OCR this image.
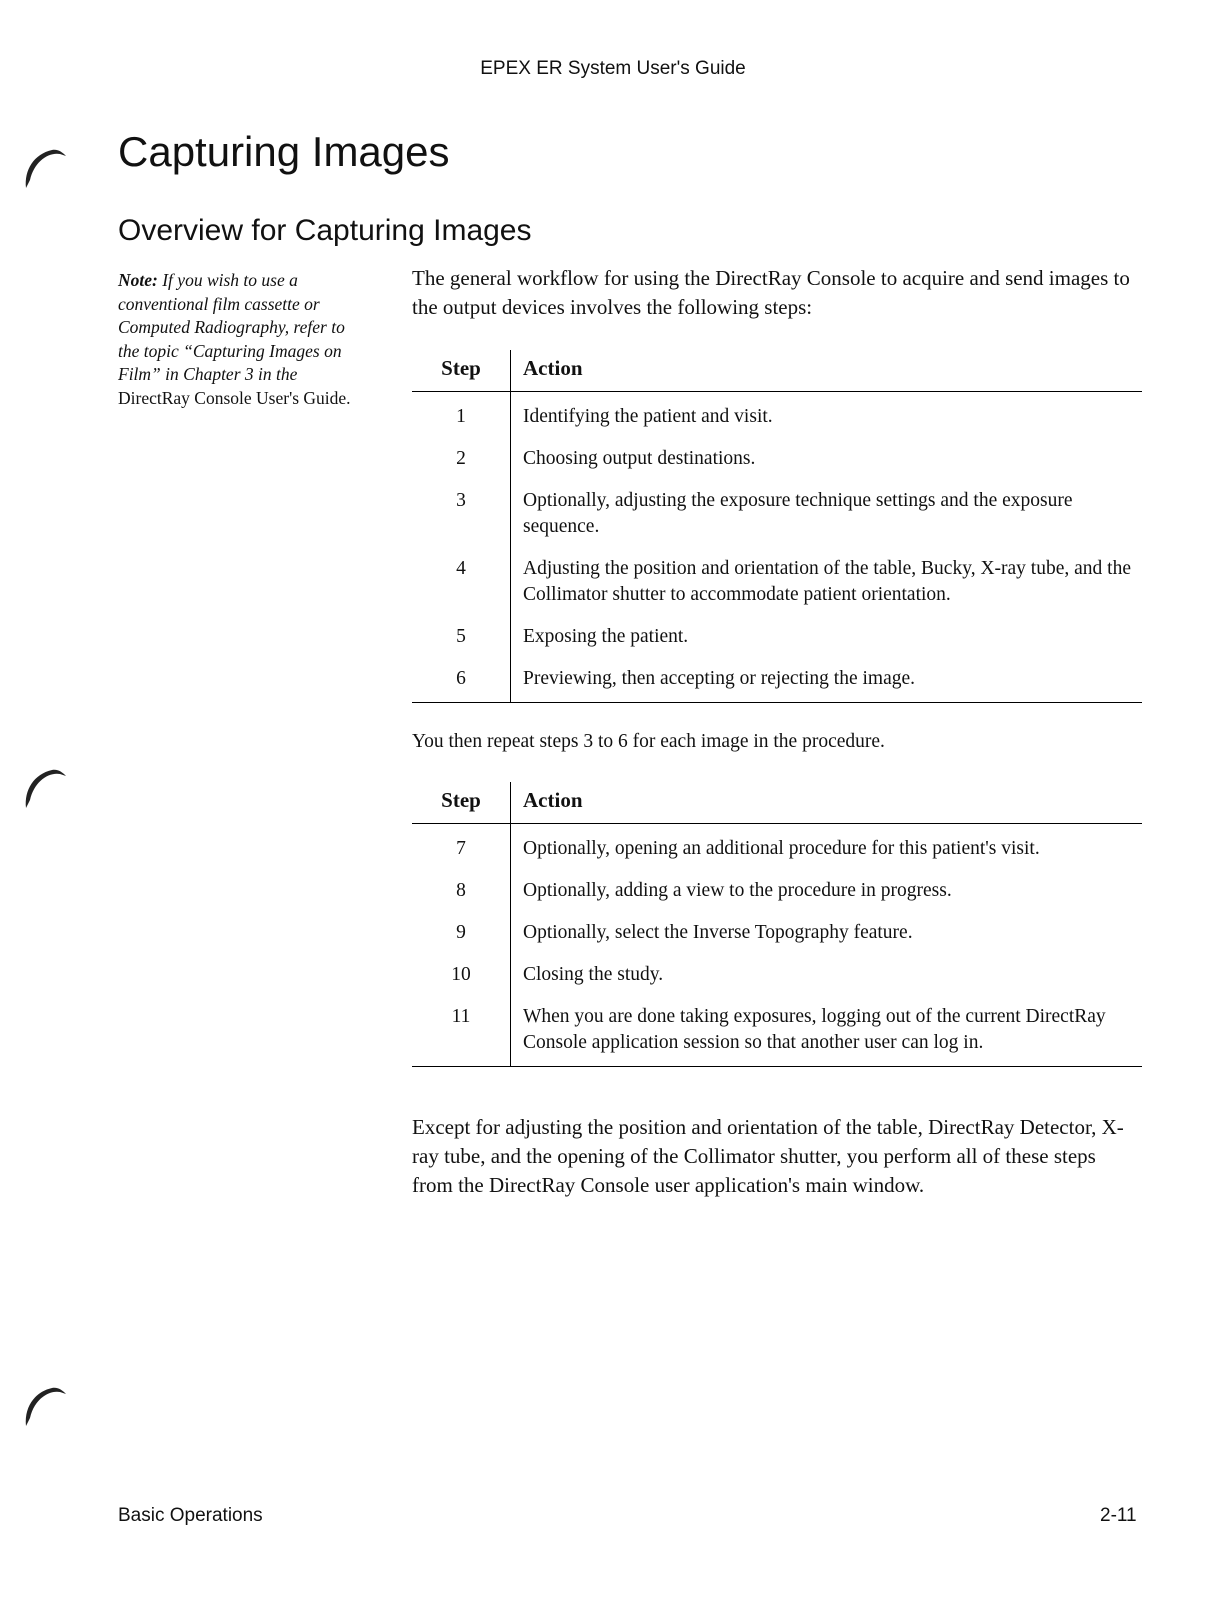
EPEX ER System User's Guide
Capturing Images
Overview for Capturing Images
Note: If you wish to use a conventional film cassette or Computed Radiography, refer to the topic “Capturing Images on Film” in Chapter 3 in the DirectRay Console User's Guide.
The general workflow for using the DirectRay Console to acquire and send images to the output devices involves the following steps:
Step	Action
1	Identifying the patient and visit.
2	Choosing output destinations.
3	Optionally, adjusting the exposure technique settings and the exposure sequence.
4	Adjusting the position and orientation of the table, Bucky, X-ray tube, and the Collimator shutter to accommodate patient orientation.
5	Exposing the patient.
6	Previewing, then accepting or rejecting the image.
You then repeat steps 3 to 6 for each image in the procedure.
Step	Action
7	Optionally, opening an additional procedure for this patient's visit.
8	Optionally, adding a view to the procedure in progress.
9	Optionally, select the Inverse Topography feature.
10	Closing the study.
11	When you are done taking exposures, logging out of the current DirectRay Console application session so that another user can log in.
Except for adjusting the position and orientation of the table, DirectRay Detector, X-ray tube, and the opening of the Collimator shutter, you perform all of these steps from the DirectRay Console user application's main window.
Basic Operations	2-11
